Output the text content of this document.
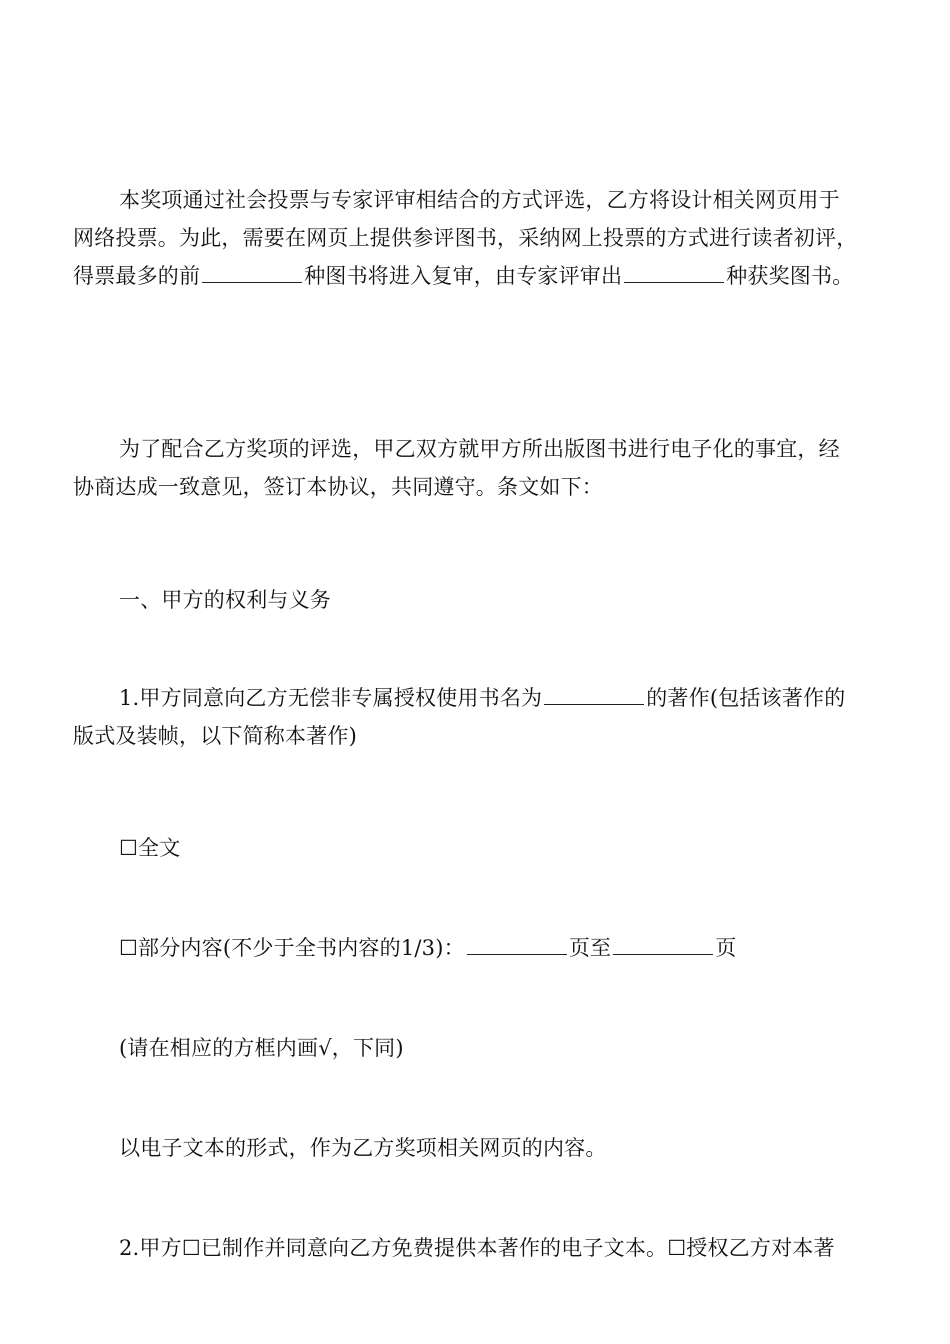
本奖项通过社会投票与专家评审相结合的方式评选，乙方将设计相关网页用于
网络投票。为此，需要在网页上提供参评图书，采纳网上投票的方式进行读者初评，
得票最多的前	种图书将进入复审，由专家评审出	种获奖图书。

为了配合乙方奖项的评选，甲乙双方就甲方所出版图书进行电子化的事宜，经
协商达成一致意见，签订本协议，共同遵守。条文如下：

一、甲方的权利与义务

1.甲方同意向乙方无偿非专属授权使用书名为	的著作(包括该著作的
版式及装帧，以下简称本著作)

☐全文

☐部分内容(不少于全书内容的1/3)：	页至	页

(请在相应的方框内画√，下同)

以电子文本的形式，作为乙方奖项相关网页的内容。

2.甲方☐已制作并同意向乙方免费提供本著作的电子文本。☐授权乙方对本著
